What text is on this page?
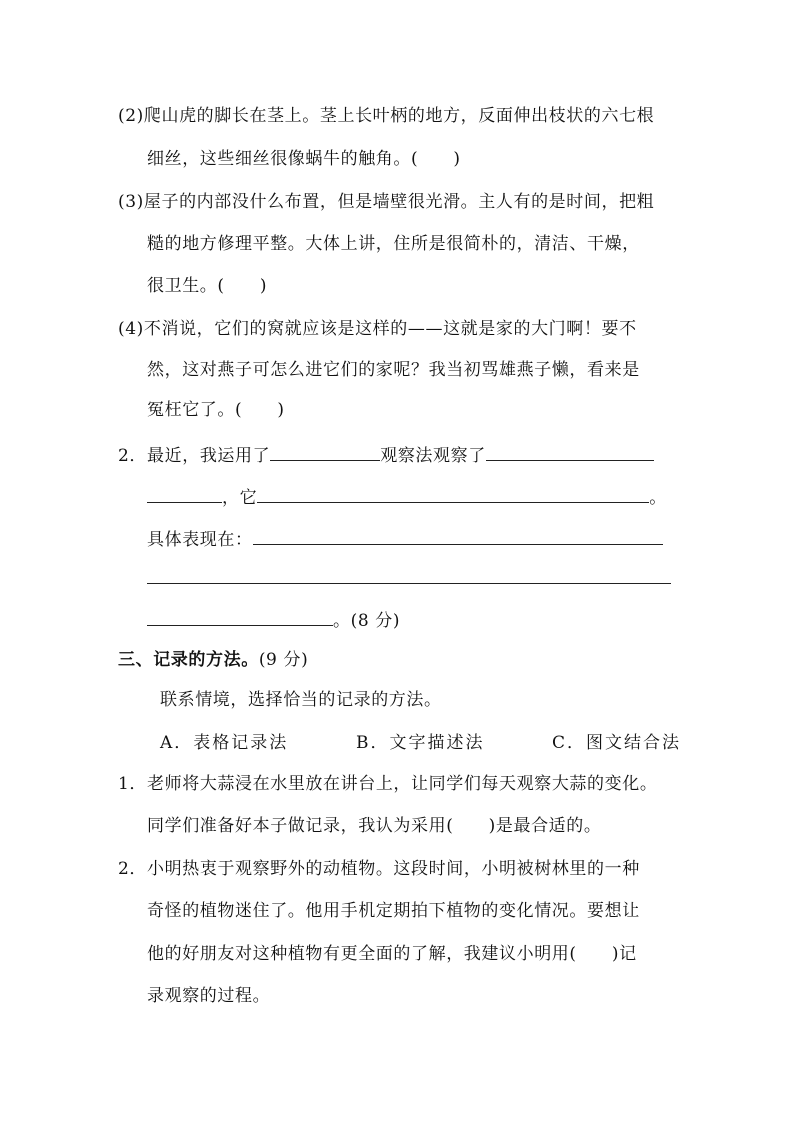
(2)爬山虎的脚长在茎上。茎上长叶柄的地方，反面伸出枝状的六七根
细丝，这些细丝很像蜗牛的触角。(　　)
(3)屋子的内部没什么布置，但是墙壁很光滑。主人有的是时间，把粗
糙的地方修理平整。大体上讲，住所是很简朴的，清洁、干燥，
很卫生。(　　)
(4)不消说，它们的窝就应该是这样的——这就是家的大门啊！要不
然，这对燕子可怎么进它们的家呢？我当初骂雄燕子懒，看来是
冤枉它了。(　　)
2．最近，我运用了	观察法观察了
，它	。
具体表现在：
。(8 分)
三、记录的方法。(9 分)
联系情境，选择恰当的记录的方法。
A．表格记录法	B．文字描述法	C．图文结合法
1．老师将大蒜浸在水里放在讲台上，让同学们每天观察大蒜的变化。
同学们准备好本子做记录，我认为采用(　　)是最合适的。
2．小明热衷于观察野外的动植物。这段时间，小明被树林里的一种
奇怪的植物迷住了。他用手机定期拍下植物的变化情况。要想让
他的好朋友对这种植物有更全面的了解，我建议小明用(　　)记
录观察的过程。
